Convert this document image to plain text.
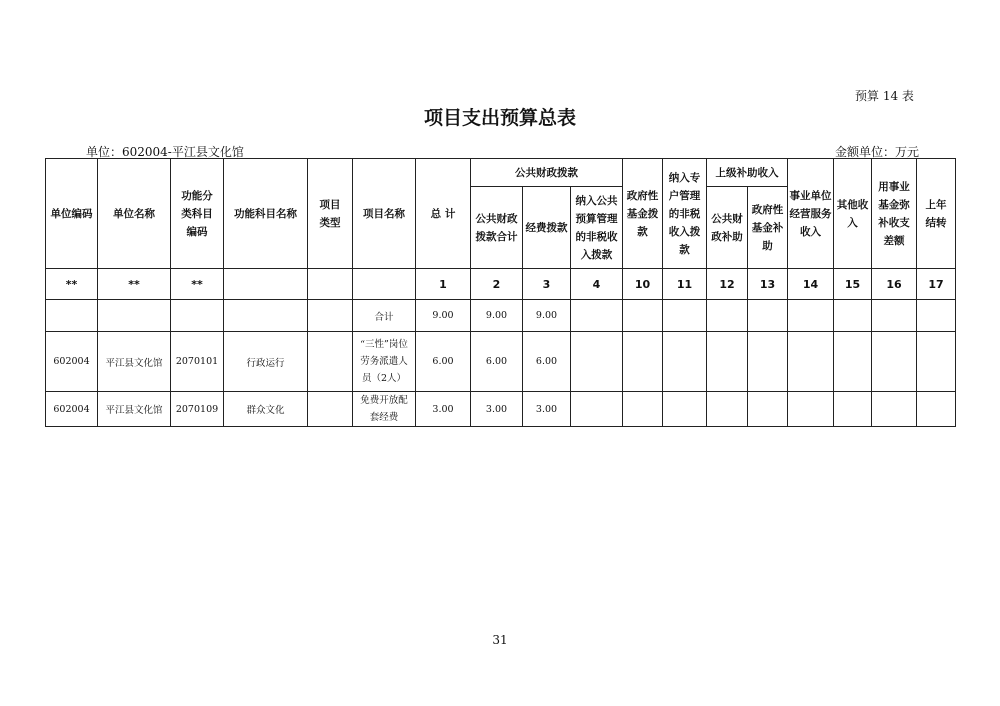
预算 14 表
项目支出预算总表
单位：602004-平江县文化馆	金额单位：万元
单位编码	单位名称	功能分类科目编码	功能科目名称	项目类型	项目名称	总 计	公共财政拨款			政府性基金拨款	纳入专户管理的非税收入拨款	上级补助收入		事业单位经营服务收入	其他收入	用事业基金弥补收支差额	上年结转
							公共财政拨款合计	经费拨款	纳入公共预算管理的非税收入拨款			公共财政补助	政府性基金补助				
**	**	**				1	2	3	4	10	11	12	13	14	15	16	17
					合计	9.00	9.00	9.00									
602004	平江县文化馆	2070101	行政运行		“三性”岗位劳务派遣人员（2人）	6.00	6.00	6.00									
602004	平江县文化馆	2070109	群众文化		免费开放配套经费	3.00	3.00	3.00									
31
